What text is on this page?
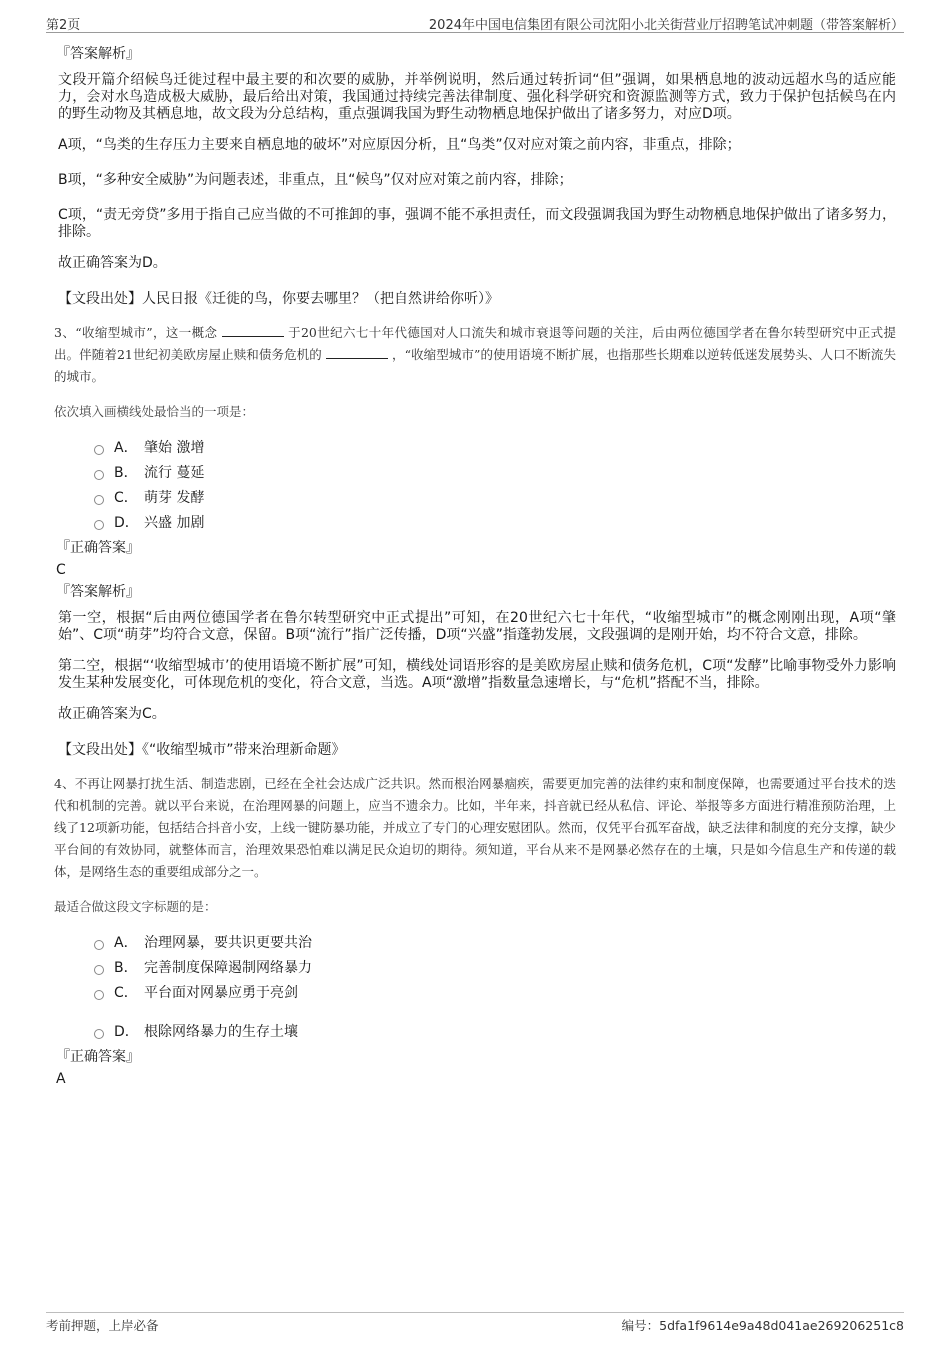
第2页	2024年中国电信集团有限公司沈阳小北关街营业厅招聘笔试冲刺题（带答案解析）
『答案解析』

文段开篇介绍候鸟迁徙过程中最主要的和次要的威胁，并举例说明，然后通过转折词“但”强调，如果栖息地的波动远超水鸟的适应能力，会对水鸟造成极大威胁，最后给出对策，我国通过持续完善法律制度、强化科学研究和资源监测等方式，致力于保护包括候鸟在内的野生动物及其栖息地，故文段为分总结构，重点强调我国为野生动物栖息地保护做出了诸多努力，对应D项。

A项，“鸟类的生存压力主要来自栖息地的破坏”对应原因分析，且“鸟类”仅对应对策之前内容，非重点，排除；

B项，“多种安全威胁”为问题表述，非重点，且“候鸟”仅对应对策之前内容，排除；

C项，“责无旁贷”多用于指自己应当做的不可推卸的事，强调不能不承担责任，而文段强调我国为野生动物栖息地保护做出了诸多努力，排除。

故正确答案为D。

【文段出处】人民日报《迁徙的鸟，你要去哪里？（把自然讲给你听）》

3、“收缩型城市”，这一概念	于20世纪六七十年代德国对人口流失和城市衰退等问题的关注，后由两位德国学者在鲁尔转型研究中正式提出。伴随着21世纪初美欧房屋止赎和债务危机的	，“收缩型城市”的使用语境不断扩展，也指那些长期难以逆转低迷发展势头、人口不断流失的城市。

依次填入画横线处最恰当的一项是：

A． 肇始 激增
B． 流行 蔓延
C． 萌芽 发酵
D． 兴盛 加剧
『正确答案』
C
『答案解析』

第一空，根据“后由两位德国学者在鲁尔转型研究中正式提出”可知，在20世纪六七十年代，“收缩型城市”的概念刚刚出现，A项“肇始”、C项“萌芽”均符合文意，保留。B项“流行”指广泛传播，D项“兴盛”指蓬勃发展，文段强调的是刚开始，均不符合文意，排除。

第二空，根据“‘收缩型城市’的使用语境不断扩展”可知，横线处词语形容的是美欧房屋止赎和债务危机，C项“发酵”比喻事物受外力影响发生某种发展变化，可体现危机的变化，符合文意，当选。A项“激增”指数量急速增长，与“危机”搭配不当，排除。

故正确答案为C。

【文段出处】《“收缩型城市”带来治理新命题》

4、不再让网暴打扰生活、制造悲剧，已经在全社会达成广泛共识。然而根治网暴痼疾，需要更加完善的法律约束和制度保障，也需要通过平台技术的迭代和机制的完善。就以平台来说，在治理网暴的问题上，应当不遗余力。比如，半年来，抖音就已经从私信、评论、举报等多方面进行精准预防治理，上线了12项新功能，包括结合抖音小安，上线一键防暴功能，并成立了专门的心理安慰团队。然而，仅凭平台孤军奋战，缺乏法律和制度的充分支撑，缺少平台间的有效协同，就整体而言，治理效果恐怕难以满足民众迫切的期待。须知道，平台从来不是网暴必然存在的土壤，只是如今信息生产和传递的载体，是网络生态的重要组成部分之一。

最适合做这段文字标题的是：

A． 治理网暴，要共识更要共治
B． 完善制度保障遏制网络暴力
C． 平台面对网暴应勇于亮剑
D． 根除网络暴力的生存土壤
『正确答案』
A
考前押题，上岸必备	编号：5dfa1f9614e9a48d041ae269206251c8
